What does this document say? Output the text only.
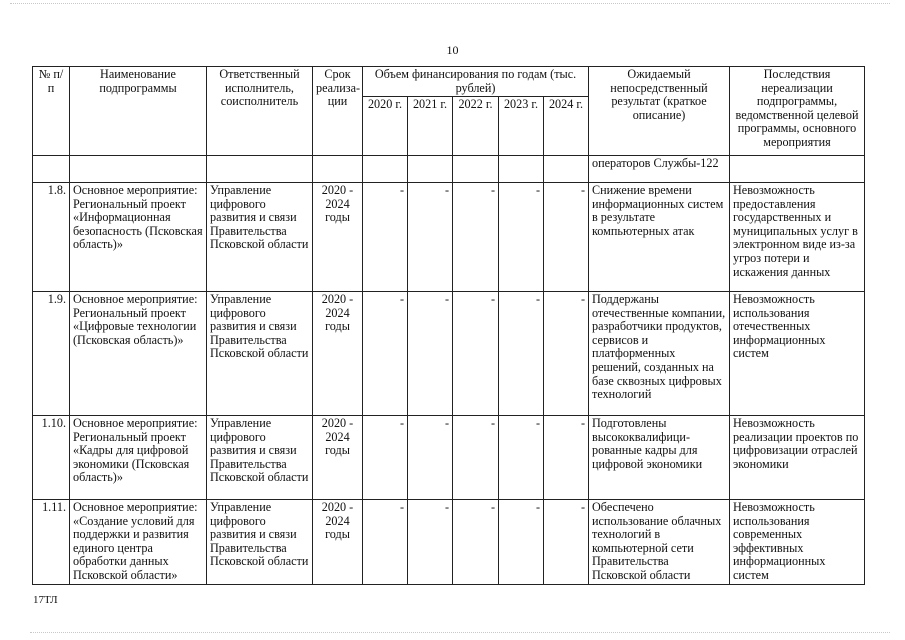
10
№ п/п	Наименование подпрограммы	Ответственный исполнитель, соисполнитель	Срок реализа-ции	Объем финансирования по годам (тыс. рублей)					Ожидаемый непосредственный результат (краткое описание)	Последствия нереализации подпрограммы, ведомственной целевой программы, основного мероприятия
				2020 г.	2021 г.	2022 г.	2023 г.	2024 г.		
									операторов Службы-122	
1.8.	Основное мероприятие: Региональный проект «Информационная безопасность (Псковская область)»	Управление цифрового развития и связи Правительства Псковской области	2020 - 2024 годы	-	-	-	-	-	Снижение времени информационных систем в результате компьютерных атак	Невозможность предоставления государственных и муниципальных услуг в электронном виде из-за угроз потери и искажения данных
1.9.	Основное мероприятие: Региональный проект «Цифровые технологии (Псковская область)»	Управление цифрового развития и связи Правительства Псковской области	2020 - 2024 годы	-	-	-	-	-	Поддержаны отечественные компании, разработчики продуктов, сервисов и платформенных решений, созданных на базе сквозных цифровых технологий	Невозможность использования отечественных информационных систем
1.10.	Основное мероприятие: Региональный проект «Кадры для цифровой экономики (Псковская область)»	Управление цифрового развития и связи Правительства Псковской области	2020 - 2024 годы	-	-	-	-	-	Подготовлены высококвалифици-рованные кадры для цифровой экономики	Невозможность реализации проектов по цифровизации отраслей экономики
1.11.	Основное мероприятие: «Создание условий для поддержки и развития единого центра обработки данных Псковской области»	Управление цифрового развития и связи Правительства Псковской области	2020 - 2024 годы	-	-	-	-	-	Обеспечено использование облачных технологий в компьютерной сети Правительства Псковской области	Невозможность использования современных эффективных информационных систем
17ТЛ
